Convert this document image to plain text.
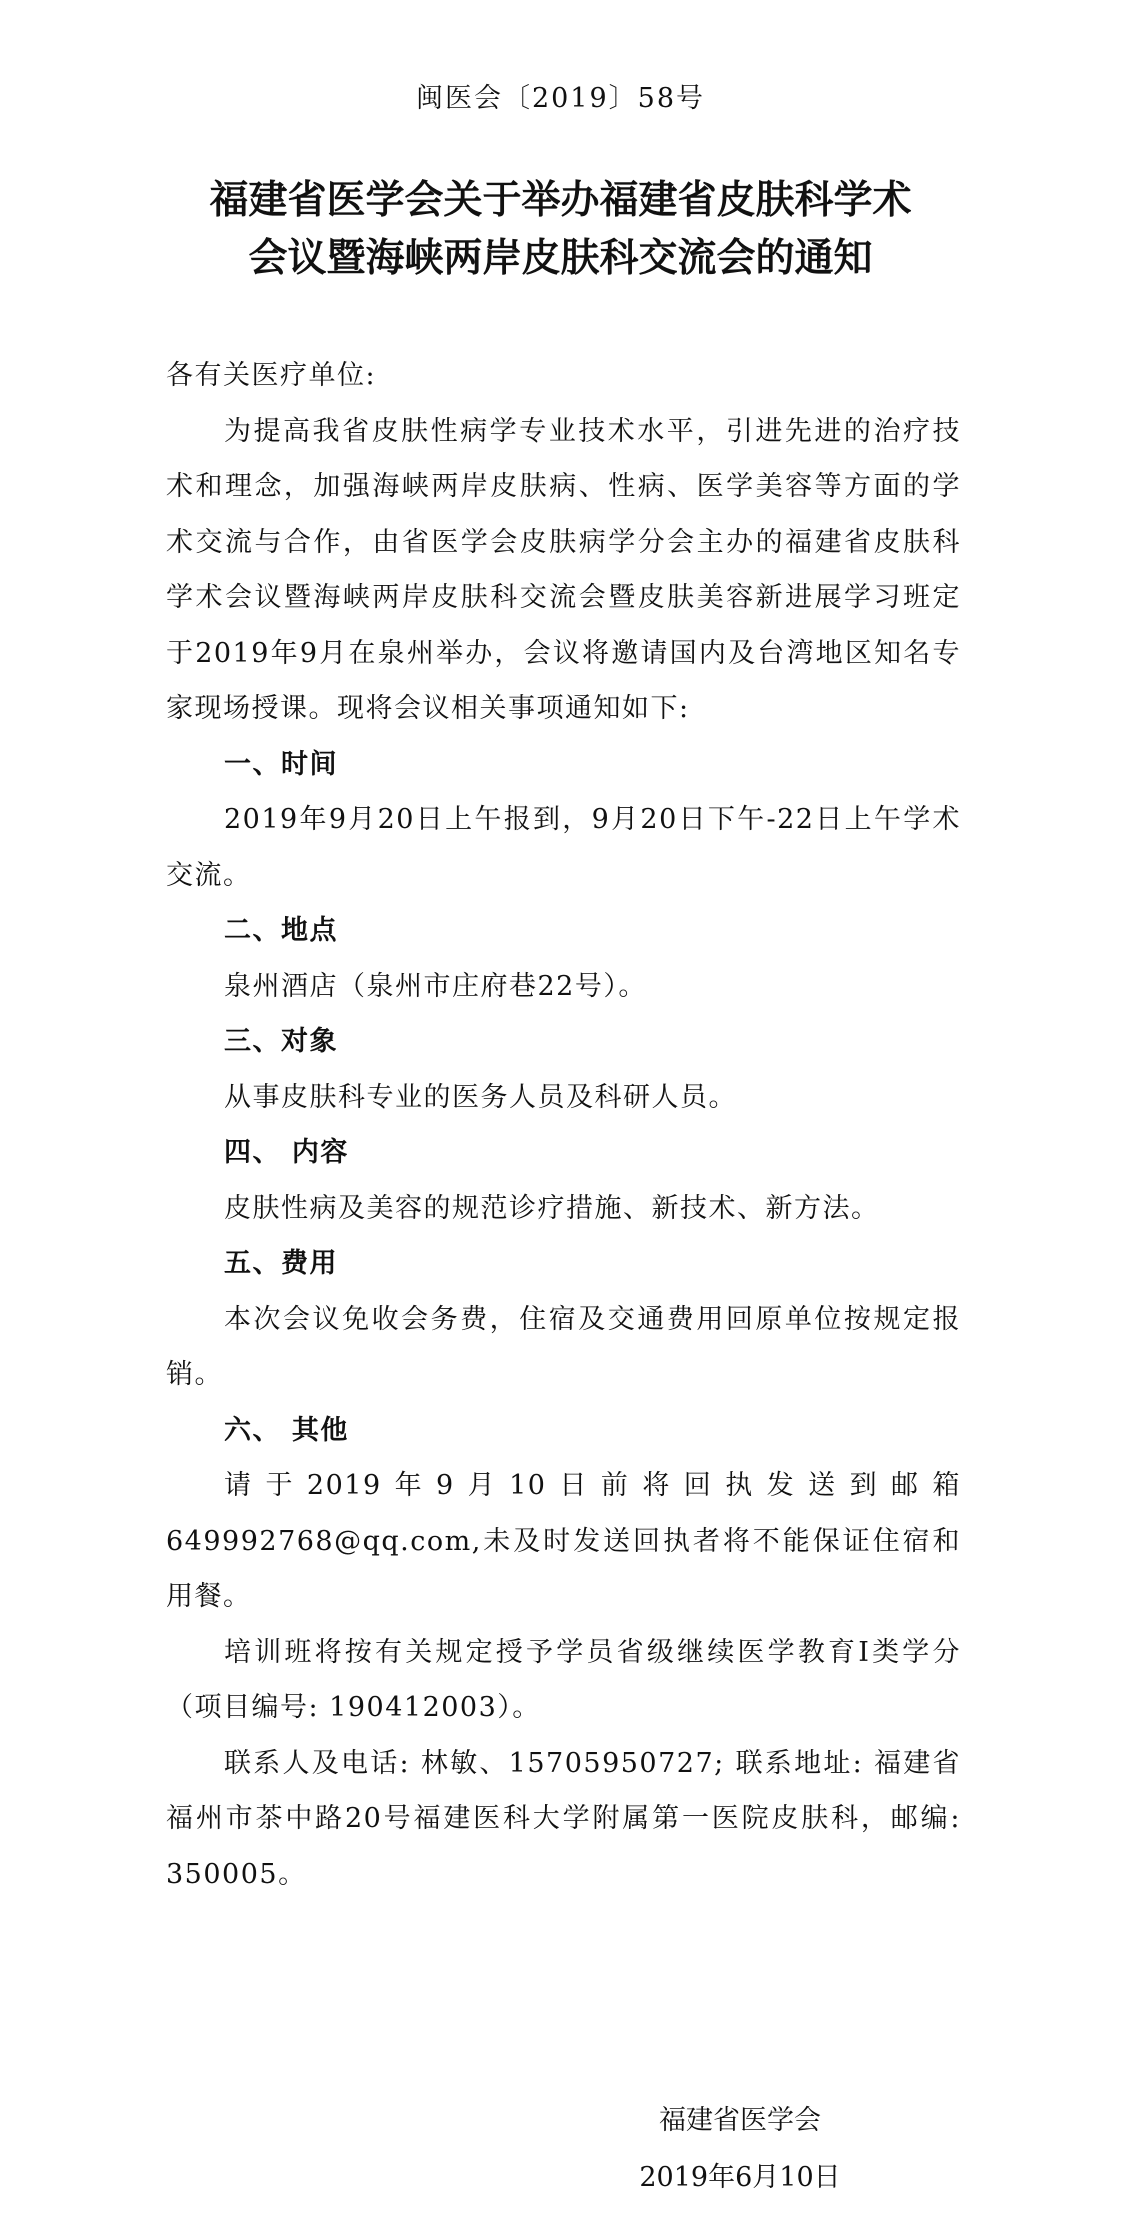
闽医会〔2019〕58号
福建省医学会关于举办福建省皮肤科学术
会议暨海峡两岸皮肤科交流会的通知

各有关医疗单位:

为提高我省皮肤性病学专业技术水平，引进先进的治疗技术和理念，加强海峡两岸皮肤病、性病、医学美容等方面的学术交流与合作，由省医学会皮肤病学分会主办的福建省皮肤科学术会议暨海峡两岸皮肤科交流会暨皮肤美容新进展学习班定于2019年9月在泉州举办，会议将邀请国内及台湾地区知名专家现场授课。现将会议相关事项通知如下:

一、时间

2019年9月20日上午报到，9月20日下午-22日上午学术交流。

二、地点

泉州酒店（泉州市庄府巷22号）。

三、对象

从事皮肤科专业的医务人员及科研人员。

四、 内容

皮肤性病及美容的规范诊疗措施、新技术、新方法。

五、费用

本次会议免收会务费，住宿及交通费用回原单位按规定报销。

六、 其他

请于2019年9月10日前将回执发送到邮箱649992768@qq.com,未及时发送回执者将不能保证住宿和用餐。

培训班将按有关规定授予学员省级继续医学教育I类学分（项目编号: 190412003）。

联系人及电话: 林敏、15705950727; 联系地址: 福建省福州市茶中路20号福建医科大学附属第一医院皮肤科，邮编: 350005。

福建省医学会
2019年6月10日
